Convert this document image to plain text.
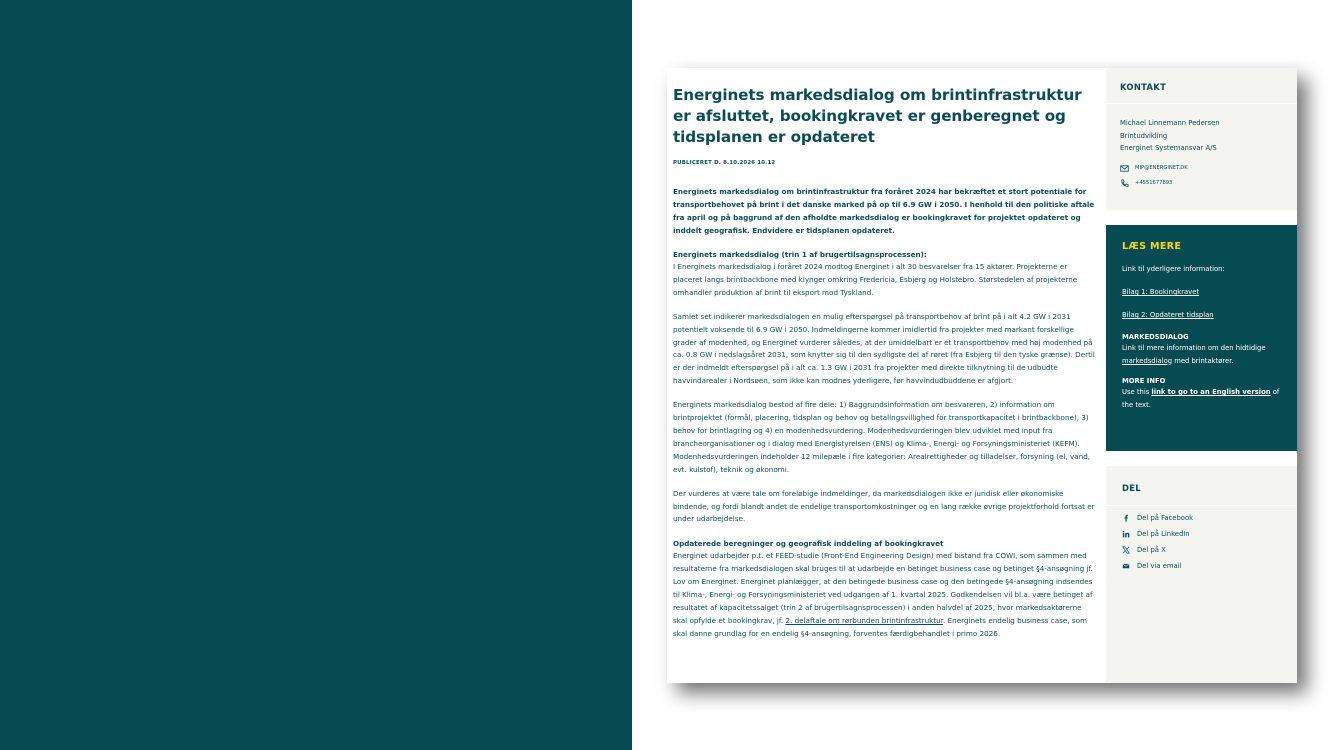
Energinets markedsdialog om brintinfrastruktur er afsluttet, bookingkravet er genberegnet og tidsplanen er opdateret
PUBLICERET D. 8.10.2026 10.12
Energinets markedsdialog om brintinfrastruktur fra foråret 2024 har bekræftet et stort potentiale for transportbehovet på brint i det danske marked på op til 6.9 GW i 2050. I henhold til den politiske aftale fra april og på baggrund af den afholdte markedsdialog er bookingkravet for projektet opdateret og inddelt geografisk. Endvidere er tidsplanen opdateret.
Energinets markedsdialog (trin 1 af brugertilsagnsprocessen):

I Energinets markedsdialog i foråret 2024 modtog Energinet i alt 30 besvarelser fra 15 aktører. Projekterne er placeret langs brintbackbone med klynger omkring Fredericia, Esbjerg og Holstebro. Størstedelen af projekterne omhandler produktion af brint til eksport mod Tyskland.

Samlet set indikerer markedsdialogen en mulig efterspørgsel på transportbehov af brint på i alt 4.2 GW i 2031 potentielt voksende til 6.9 GW i 2050. Indmeldingerne kommer imidlertid fra projekter med markant forskellige grader af modenhed, og Energinet vurderer således, at der umiddelbart er et transportbehov med høj modenhed på ca. 0.8 GW i nedslagsåret 2031, som knytter sig til den sydligste del af røret (fra Esbjerg til den tyske grænse). Dertil er der indmeldt efterspørgsel på i alt ca. 1.3 GW i 2031 fra projekter med direkte tilknytning til de udbudte havvindarealer i Nordsøen, som ikke kan modnes yderligere, før havvindudbuddene er afgjort.

Energinets markedsdialog bestod af fire dele: 1) Baggrundsinformation om besvareren, 2) information om brintprojektet (formål, placering, tidsplan og behov og betalingsvillighed for transportkapacitet i brintbackbone), 3) behov for brintlagring og 4) en modenhedsvurdering. Modenhedsvurderingen blev udviklet med input fra brancheorganisationer og i dialog med Energistyrelsen (ENS) og Klima-, Energi- og Forsyningsministeriet (KEFM). Modenhedsvurderingen indeholder 12 milepæle i fire kategorier: Arealrettigheder og tilladelser, forsyning (el, vand, evt. kulstof), teknik og økonomi.

Der vurderes at være tale om foreløbige indmeldinger, da markedsdialogen ikke er juridisk eller økonomiske bindende, og fordi blandt andet de endelige transportomkostninger og en lang række øvrige projektforhold fortsat er under udarbejdelse.

Opdaterede beregninger og geografisk inddeling af bookingkravet

Energinet udarbejder p.t. et FEED-studie (Front-End Engineering Design) med bistand fra COWI, som sammen med resultaterne fra markedsdialogen skal bruges til at udarbejde en betinget business case og betinget §4-ansøgning jf. Lov om Energinet. Energinet planlægger, at den betingede business case og den betingede §4-ansøgning indsendes til Klima-, Energi- og Forsyningsministeriet ved udgangen af 1. kvartal 2025. Godkendelsen vil bl.a. være betinget af resultatet af kapacitetssalget (trin 2 af brugertilsagnsprocessen) i anden halvdel af 2025, hvor markedsaktørerne skal opfylde et bookingkrav, jf. 2. delaftale om rørbunden brintinfrastruktur. Energinets endelig business case, som skal danne grundlag for en endelig §4-ansøgning, forventes færdigbehandlet i primo 2026.

KONTAKT
Michael Linnemann Pedersen
Brintudvikling
Energinet Systemansvar A/S
MIP@ENERGINET.DK
+4551677893
LÆS MERE
Link til yderligere information:
Bilag 1: Bookingkravet
Bilag 2: Opdateret tidsplan
MARKEDSDIALOG
Link til mere information om den hidtidige markedsdialog med brintaktører.
MORE INFO
Use this link to go to an English version of the text.
DEL
Del på Facebook
Del på LinkedIn
Del på X
Del via email
